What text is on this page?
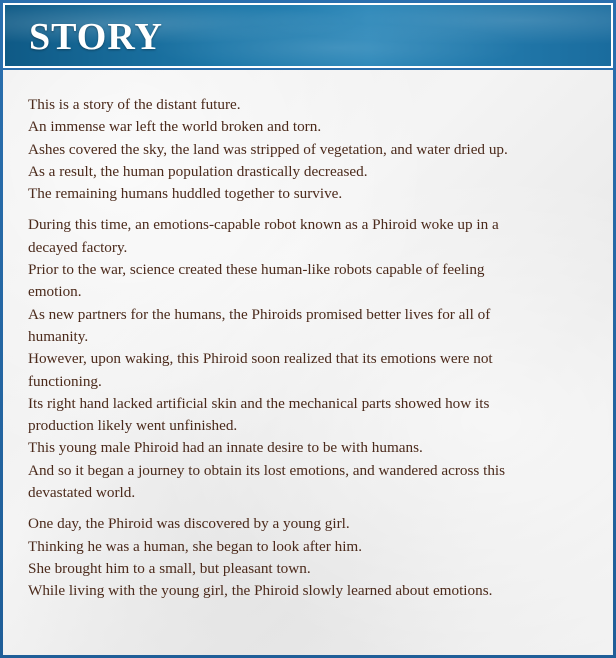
STORY
This is a story of the distant future.
An immense war left the world broken and torn.
Ashes covered the sky, the land was stripped of vegetation, and water dried up.
As a result, the human population drastically decreased.
The remaining humans huddled together to survive.
During this time, an emotions-capable robot known as a Phiroid woke up in a
decayed factory.
Prior to the war, science created these human-like robots capable of feeling
emotion.
As new partners for the humans, the Phiroids promised better lives for all of
humanity.
However, upon waking, this Phiroid soon realized that its emotions were not
functioning.
Its right hand lacked artificial skin and the mechanical parts showed how its
production likely went unfinished.
This young male Phiroid had an innate desire to be with humans.
And so it began a journey to obtain its lost emotions, and wandered across this
devastated world.
One day, the Phiroid was discovered by a young girl.
Thinking he was a human, she began to look after him.
She brought him to a small, but pleasant town.
While living with the young girl, the Phiroid slowly learned about emotions.
